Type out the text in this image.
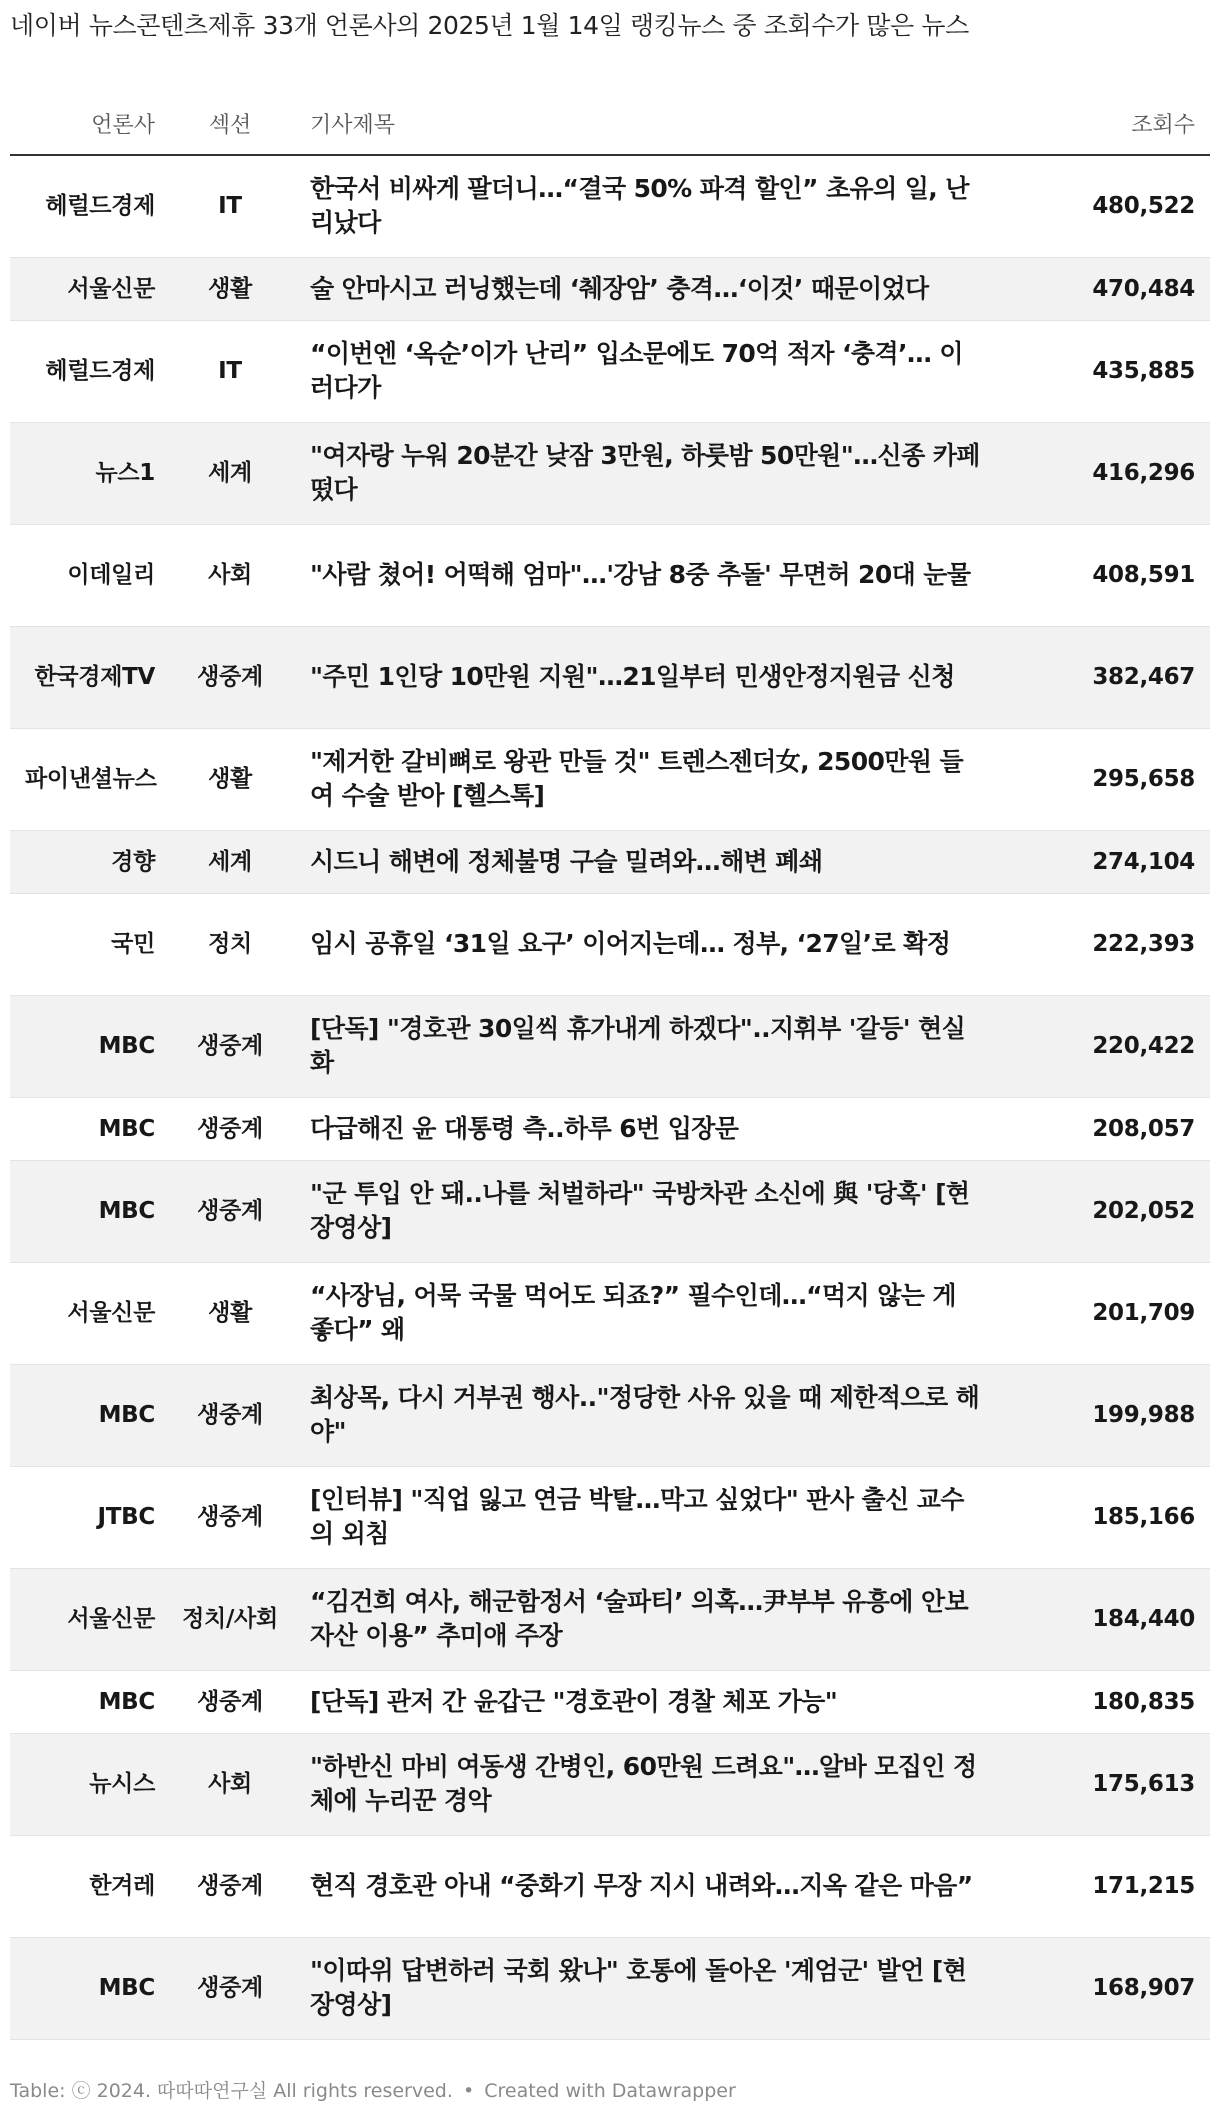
네이버 뉴스콘텐츠제휴 33개 언론사의 2025년 1월 14일 랭킹뉴스 중 조회수가 많은 뉴스
언론사	섹션	기사제목	조회수
헤럴드경제	IT	한국서 비싸게 팔더니…“결국 50% 파격 할인” 초유의 일, 난리났다	480,522
서울신문	생활	술 안마시고 러닝했는데 ‘췌장암’ 충격…‘이것’ 때문이었다	470,484
헤럴드경제	IT	“이번엔 ‘옥순’이가 난리” 입소문에도 70억 적자 ‘충격’… 이러다가	435,885
뉴스1	세계	"여자랑 누워 20분간 낮잠 3만원, 하룻밤 50만원"…신종 카페 떴다	416,296
이데일리	사회	"사람 쳤어! 어떡해 엄마"…'강남 8중 추돌' 무면허 20대 눈물	408,591
한국경제TV	생중계	"주민 1인당 10만원 지원"…21일부터 민생안정지원금 신청	382,467
파이낸셜뉴스	생활	"제거한 갈비뼈로 왕관 만들 것" 트렌스젠더女, 2500만원 들여 수술 받아 [헬스톡]	295,658
경향	세계	시드니 해변에 정체불명 구슬 밀려와…해변 폐쇄	274,104
국민	정치	임시 공휴일 ‘31일 요구’ 이어지는데… 정부, ‘27일’로 확정	222,393
MBC	생중계	[단독] "경호관 30일씩 휴가내게 하겠다"..지휘부 '갈등' 현실화	220,422
MBC	생중계	다급해진 윤 대통령 측..하루 6번 입장문	208,057
MBC	생중계	"군 투입 안 돼..나를 처벌하라" 국방차관 소신에 與 '당혹' [현장영상]	202,052
서울신문	생활	“사장님, 어묵 국물 먹어도 되죠?” 필수인데…“먹지 않는 게 좋다” 왜	201,709
MBC	생중계	최상목, 다시 거부권 행사.."정당한 사유 있을 때 제한적으로 해야"	199,988
JTBC	생중계	[인터뷰] "직업 잃고 연금 박탈…막고 싶었다" 판사 출신 교수의 외침	185,166
서울신문	정치/사회	“김건희 여사, 해군함정서 ‘술파티’ 의혹…尹부부 유흥에 안보자산 이용” 추미애 주장	184,440
MBC	생중계	[단독] 관저 간 윤갑근 "경호관이 경찰 체포 가능"	180,835
뉴시스	사회	"하반신 마비 여동생 간병인, 60만원 드려요"…알바 모집인 정체에 누리꾼 경악	175,613
한겨레	생중계	현직 경호관 아내 “중화기 무장 지시 내려와…지옥 같은 마음”	171,215
MBC	생중계	"이따위 답변하러 국회 왔나" 호통에 돌아온 '계엄군' 발언 [현장영상]	168,907
Table: ⓒ 2024. 따따따연구실 All rights reserved. • Created with Datawrapper
